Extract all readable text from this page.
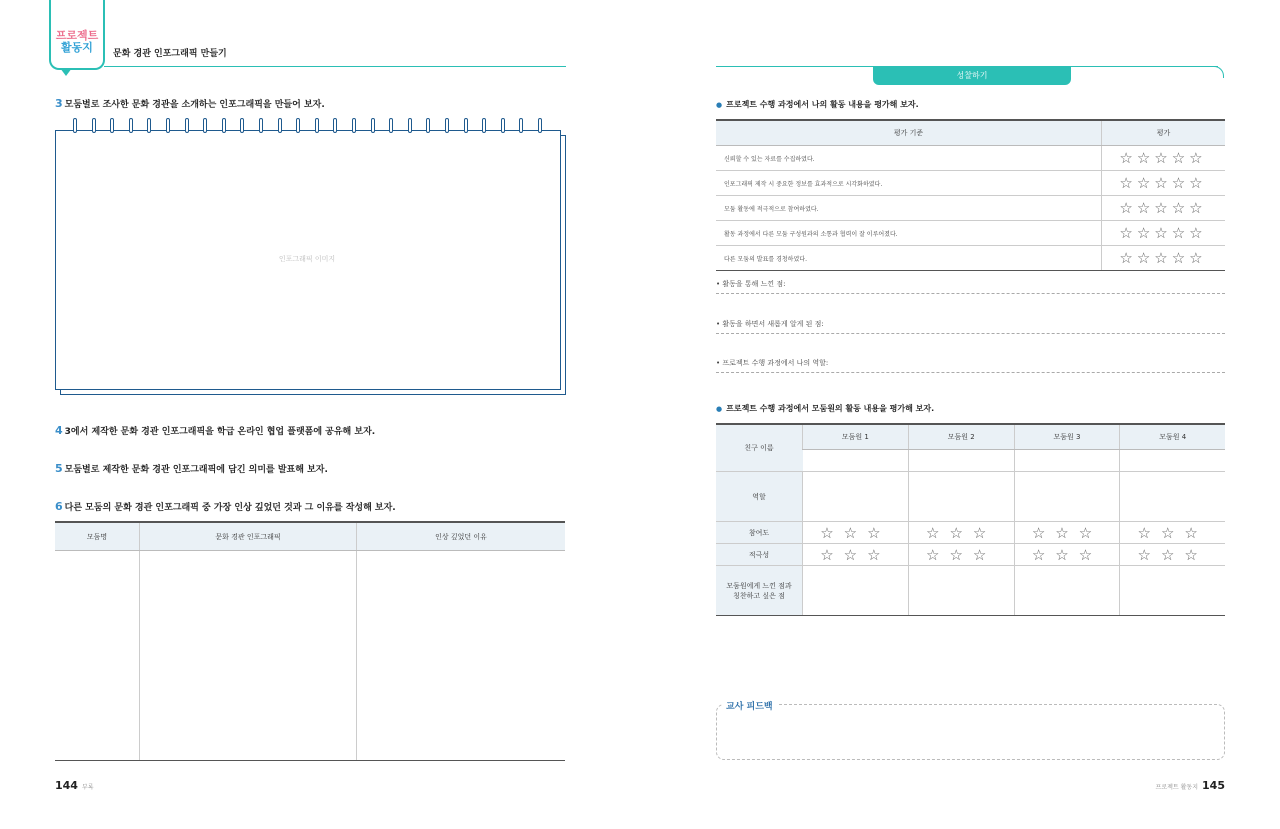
프로젝트
활동지	문화 경관 인포그래픽 만들기
3 모둠별로 조사한 문화 경관을 소개하는 인포그래픽을 만들어 보자.
인포그래픽 이미지
4 3에서 제작한 문화 경관 인포그래픽을 학급 온라인 협업 플랫폼에 공유해 보자.
5 모둠별로 제작한 문화 경관 인포그래픽에 담긴 의미를 발표해 보자.
6 다른 모둠의 문화 경관 인포그래픽 중 가장 인상 깊었던 것과 그 이유를 작성해 보자.
모둠명	문화 경관 인포그래픽	인상 깊었던 이유

144 부록
성찰하기
● 프로젝트 수행 과정에서 나의 활동 내용을 평가해 보자.
평가 기준	평가
신뢰할 수 있는 자료를 수집하였다.	☆☆☆☆☆
인포그래픽 제작 시 중요한 정보를 효과적으로 시각화하였다.	☆☆☆☆☆
모둠 활동에 적극적으로 참여하였다.	☆☆☆☆☆
활동 과정에서 다른 모둠 구성원과의 소통과 협력이 잘 이루어졌다.	☆☆☆☆☆
다른 모둠의 발표를 경청하였다.	☆☆☆☆☆
• 활동을 통해 느낀 점:
• 활동을 하면서 새롭게 알게 된 점:
• 프로젝트 수행 과정에서 나의 역할:
● 프로젝트 수행 과정에서 모둠원의 활동 내용을 평가해 보자.
친구 이름	모둠원 1	모둠원 2	모둠원 3	모둠원 4

역할				
참여도	☆☆☆	☆☆☆	☆☆☆	☆☆☆
적극성	☆☆☆	☆☆☆	☆☆☆	☆☆☆

모둠원에게 느낀 점과
칭찬하고 싶은 점				

교사 피드백
프로젝트 활동지 145
